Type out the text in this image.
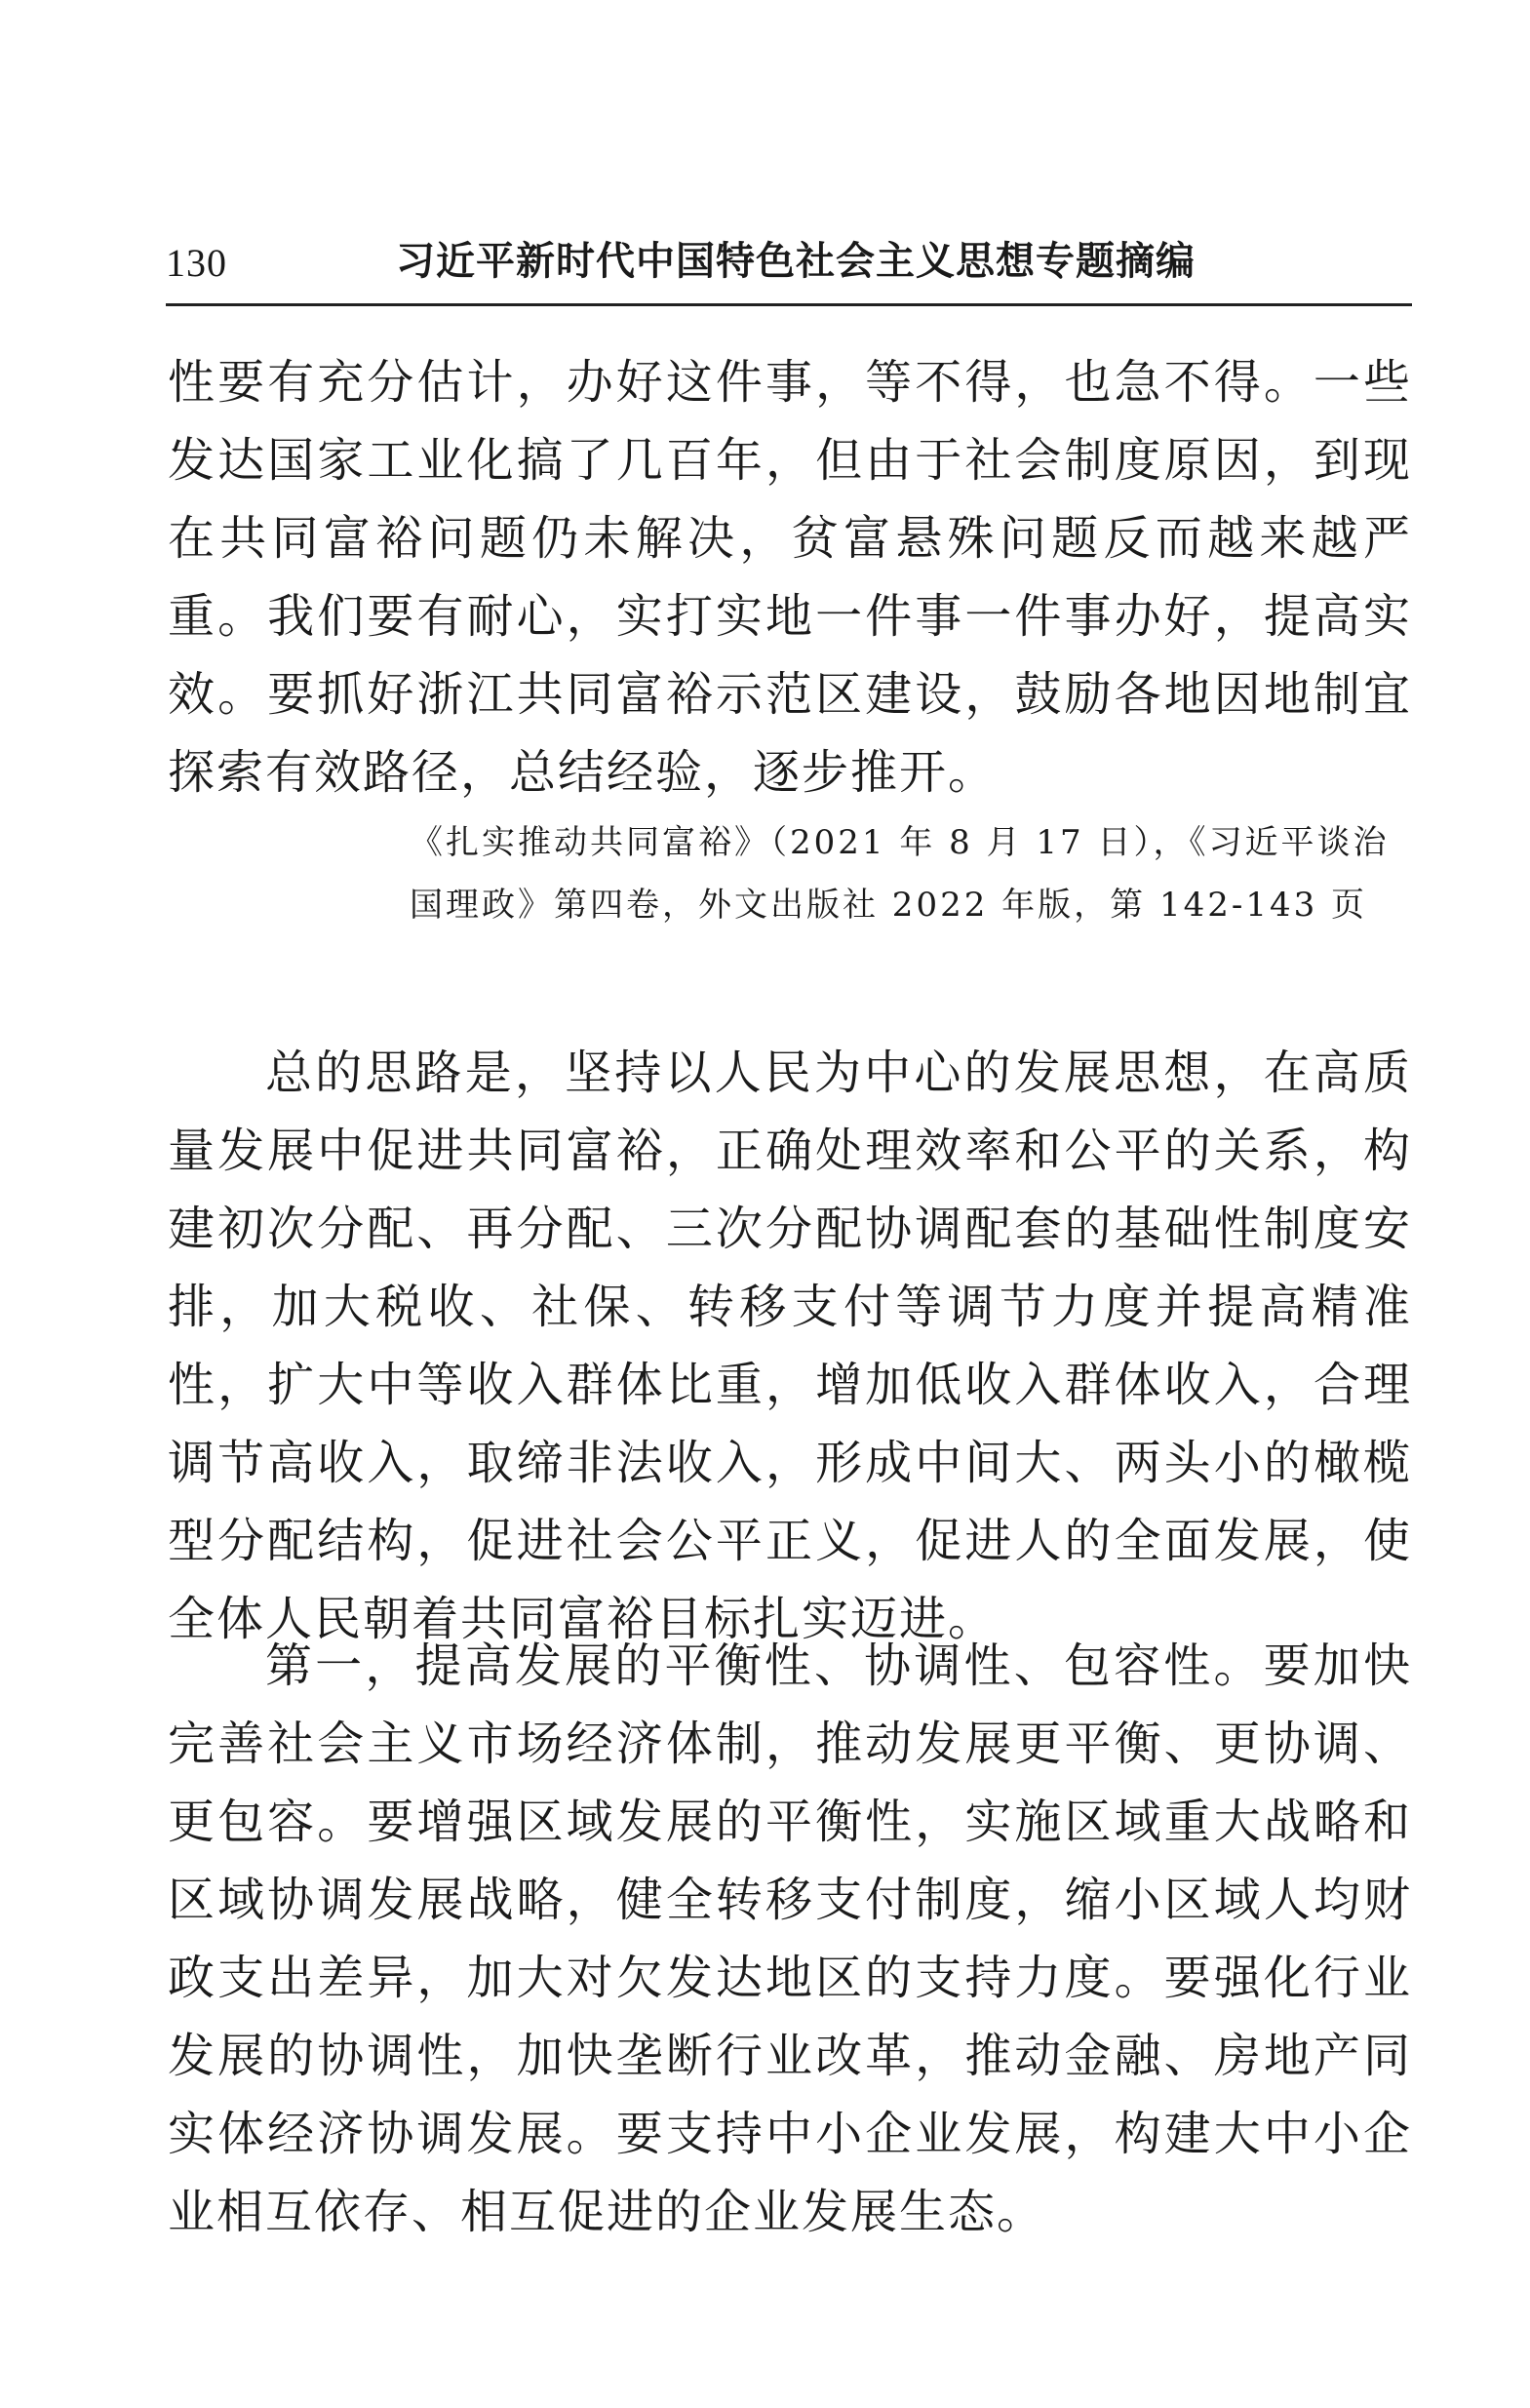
130	习近平新时代中国特色社会主义思想专题摘编

性要有充分估计，办好这件事，等不得，也急不得。一些发达国家工业化搞了几百年，但由于社会制度原因，到现在共同富裕问题仍未解决，贫富悬殊问题反而越来越严重。我们要有耐心，实打实地一件事一件事办好，提高实效。要抓好浙江共同富裕示范区建设，鼓励各地因地制宜探索有效路径，总结经验，逐步推开。

《扎实推动共同富裕》（2021 年 8 月 17 日），《习近平谈治国理政》第四卷，外文出版社 2022 年版，第 142-143 页

总的思路是，坚持以人民为中心的发展思想，在高质量发展中促进共同富裕，正确处理效率和公平的关系，构建初次分配、再分配、三次分配协调配套的基础性制度安排，加大税收、社保、转移支付等调节力度并提高精准性，扩大中等收入群体比重，增加低收入群体收入，合理调节高收入，取缔非法收入，形成中间大、两头小的橄榄型分配结构，促进社会公平正义，促进人的全面发展，使全体人民朝着共同富裕目标扎实迈进。

第一，提高发展的平衡性、协调性、包容性。要加快完善社会主义市场经济体制，推动发展更平衡、更协调、更包容。要增强区域发展的平衡性，实施区域重大战略和区域协调发展战略，健全转移支付制度，缩小区域人均财政支出差异，加大对欠发达地区的支持力度。要强化行业发展的协调性，加快垄断行业改革，推动金融、房地产同实体经济协调发展。要支持中小企业发展，构建大中小企业相互依存、相互促进的企业发展生态。
